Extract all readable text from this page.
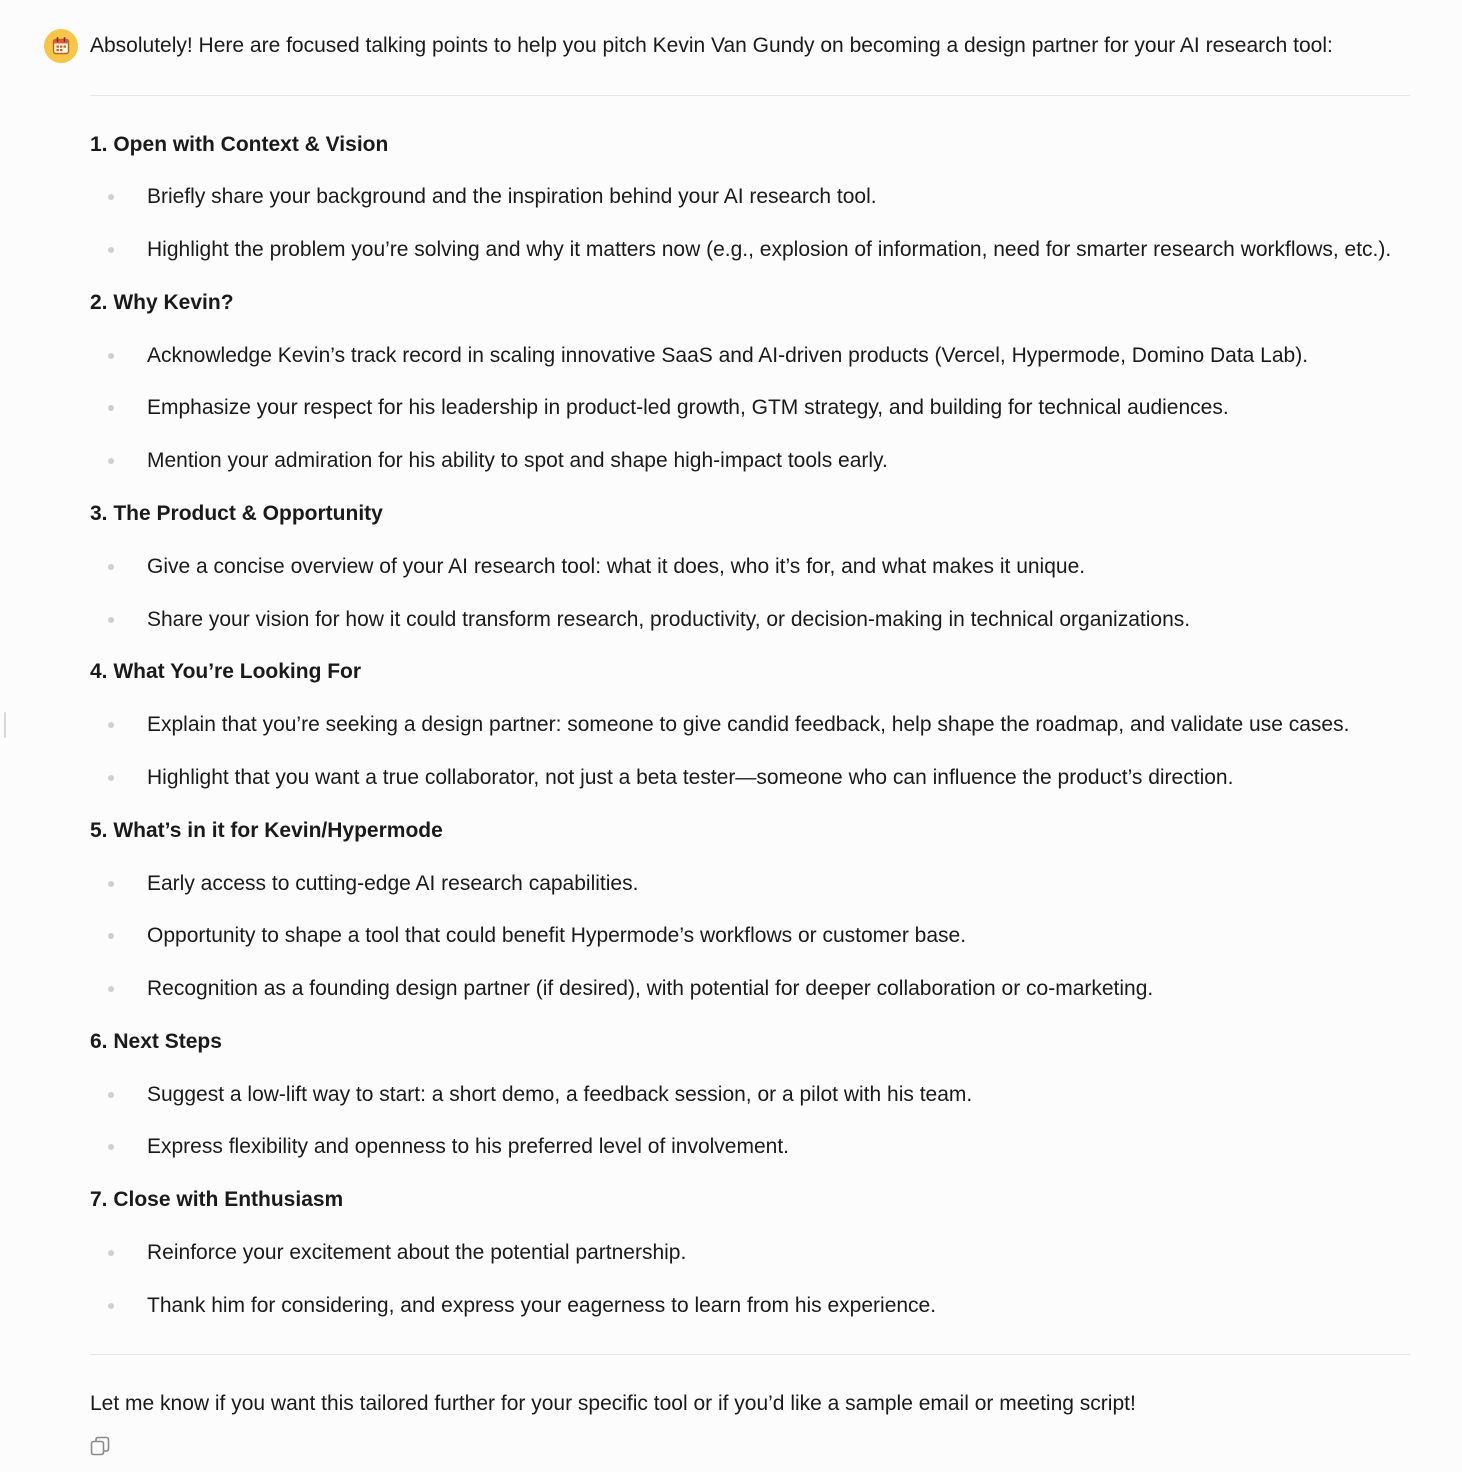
Absolutely! Here are focused talking points to help you pitch Kevin Van Gundy on becoming a design partner for your AI research tool:
1. Open with Context & Vision
Briefly share your background and the inspiration behind your AI research tool.
Highlight the problem you’re solving and why it matters now (e.g., explosion of information, need for smarter research workflows, etc.).
2. Why Kevin?
Acknowledge Kevin’s track record in scaling innovative SaaS and AI-driven products (Vercel, Hypermode, Domino Data Lab).
Emphasize your respect for his leadership in product-led growth, GTM strategy, and building for technical audiences.
Mention your admiration for his ability to spot and shape high-impact tools early.
3. The Product & Opportunity
Give a concise overview of your AI research tool: what it does, who it’s for, and what makes it unique.
Share your vision for how it could transform research, productivity, or decision-making in technical organizations.
4. What You’re Looking For
Explain that you’re seeking a design partner: someone to give candid feedback, help shape the roadmap, and validate use cases.
Highlight that you want a true collaborator, not just a beta tester—someone who can influence the product’s direction.
5. What’s in it for Kevin/Hypermode
Early access to cutting-edge AI research capabilities.
Opportunity to shape a tool that could benefit Hypermode’s workflows or customer base.
Recognition as a founding design partner (if desired), with potential for deeper collaboration or co-marketing.
6. Next Steps
Suggest a low-lift way to start: a short demo, a feedback session, or a pilot with his team.
Express flexibility and openness to his preferred level of involvement.
7. Close with Enthusiasm
Reinforce your excitement about the potential partnership.
Thank him for considering, and express your eagerness to learn from his experience.
Let me know if you want this tailored further for your specific tool or if you’d like a sample email or meeting script!
